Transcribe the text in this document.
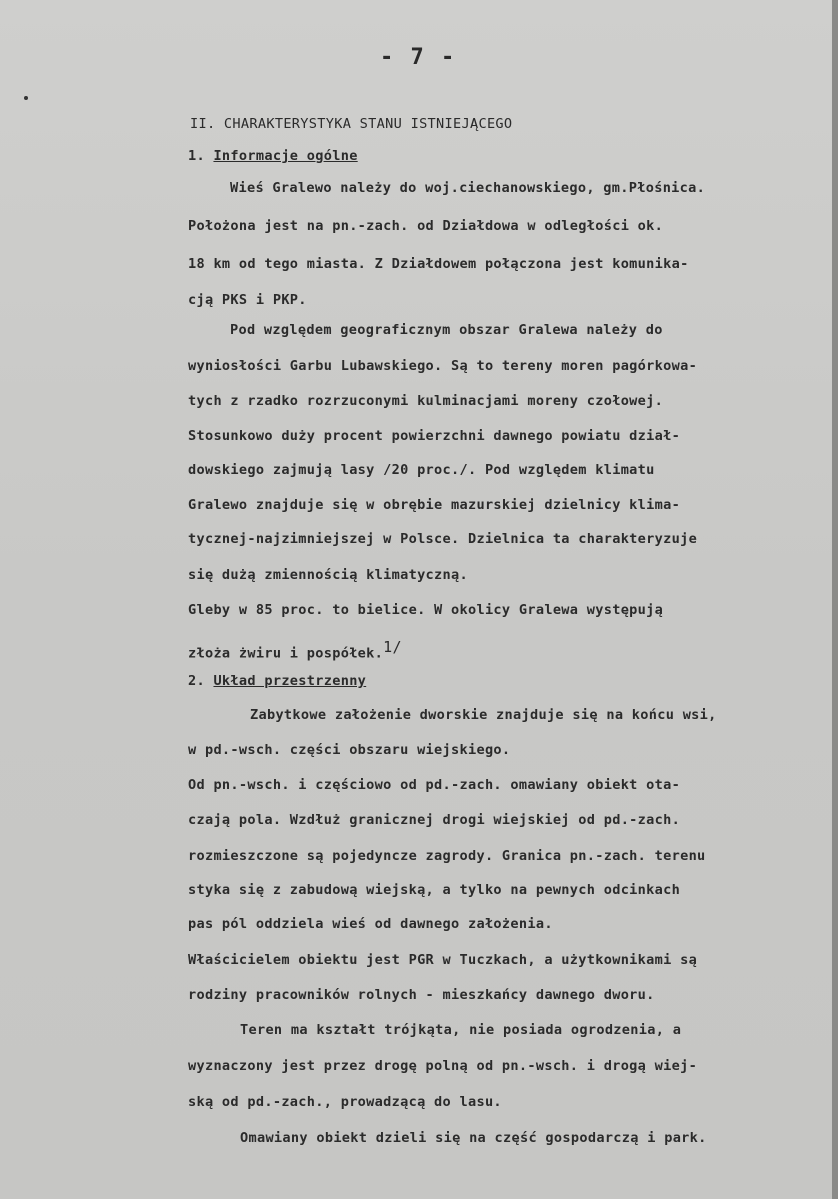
- 7 -
II. CHARAKTERYSTYKA STANU ISTNIEJĄCEGO
1. Informacje ogólne
Wieś Gralewo należy do woj.ciechanowskiego, gm.Płośnica.
Położona jest na pn.-zach. od Działdowa w odległości ok.
18 km od tego miasta. Z Działdowem połączona jest komunika-
cją PKS i PKP.
Pod względem geograficznym obszar Gralewa należy do
wyniosłości Garbu Lubawskiego. Są to tereny moren pagórkowa-
tych z rzadko rozrzuconymi kulminacjami moreny czołowej.
Stosunkowo duży procent powierzchni dawnego powiatu dział-
dowskiego zajmują lasy /20 proc./. Pod względem klimatu
Gralewo znajduje się w obrębie mazurskiej dzielnicy klima-
tycznej-najzimniejszej w Polsce. Dzielnica ta charakteryzuje
się dużą zmiennością klimatyczną.
Gleby w 85 proc. to bielice. W okolicy Gralewa występują
złoża żwiru i pospółek.$^{1/}$
2. Układ przestrzenny
Zabytkowe założenie dworskie znajduje się na końcu wsi,
w pd.-wsch. części obszaru wiejskiego.
Od pn.-wsch. i częściowo od pd.-zach. omawiany obiekt ota-
czają pola. Wzdłuż granicznej drogi wiejskiej od pd.-zach.
rozmieszczone są pojedyncze zagrody. Granica pn.-zach. terenu
styka się z zabudową wiejską, a tylko na pewnych odcinkach
pas pól oddziela wieś od dawnego założenia.
Właścicielem obiektu jest PGR w Tuczkach, a użytkownikami są
rodziny pracowników rolnych - mieszkańcy dawnego dworu.
Teren ma kształt trójkąta, nie posiada ogrodzenia, a
wyznaczony jest przez drogę polną od pn.-wsch. i drogą wiej-
ską od pd.-zach., prowadzącą do lasu.
Omawiany obiekt dzieli się na część gospodarczą i park.
